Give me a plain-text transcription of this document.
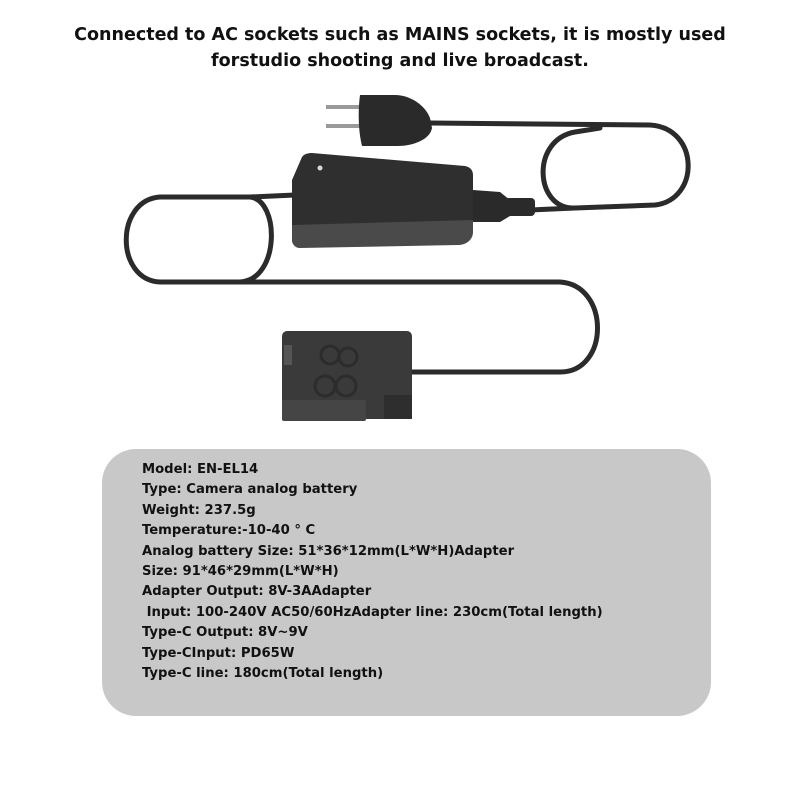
Connected to AC sockets such as MAINS sockets, it is mostly used
forstudio shooting and live broadcast.
Model: EN-EL14
Type: Camera analog battery
Weight: 237.5g
Temperature:-10-40 ° C
Analog battery Size: 51*36*12mm(L*W*H)Adapter
Size: 91*46*29mm(L*W*H)
Adapter Output: 8V-3AAdapter
Input: 100-240V AC50/60HzAdapter line: 230cm(Total length)
Type-C Output: 8V~9V
Type-CInput: PD65W
Type-C line: 180cm(Total length)
